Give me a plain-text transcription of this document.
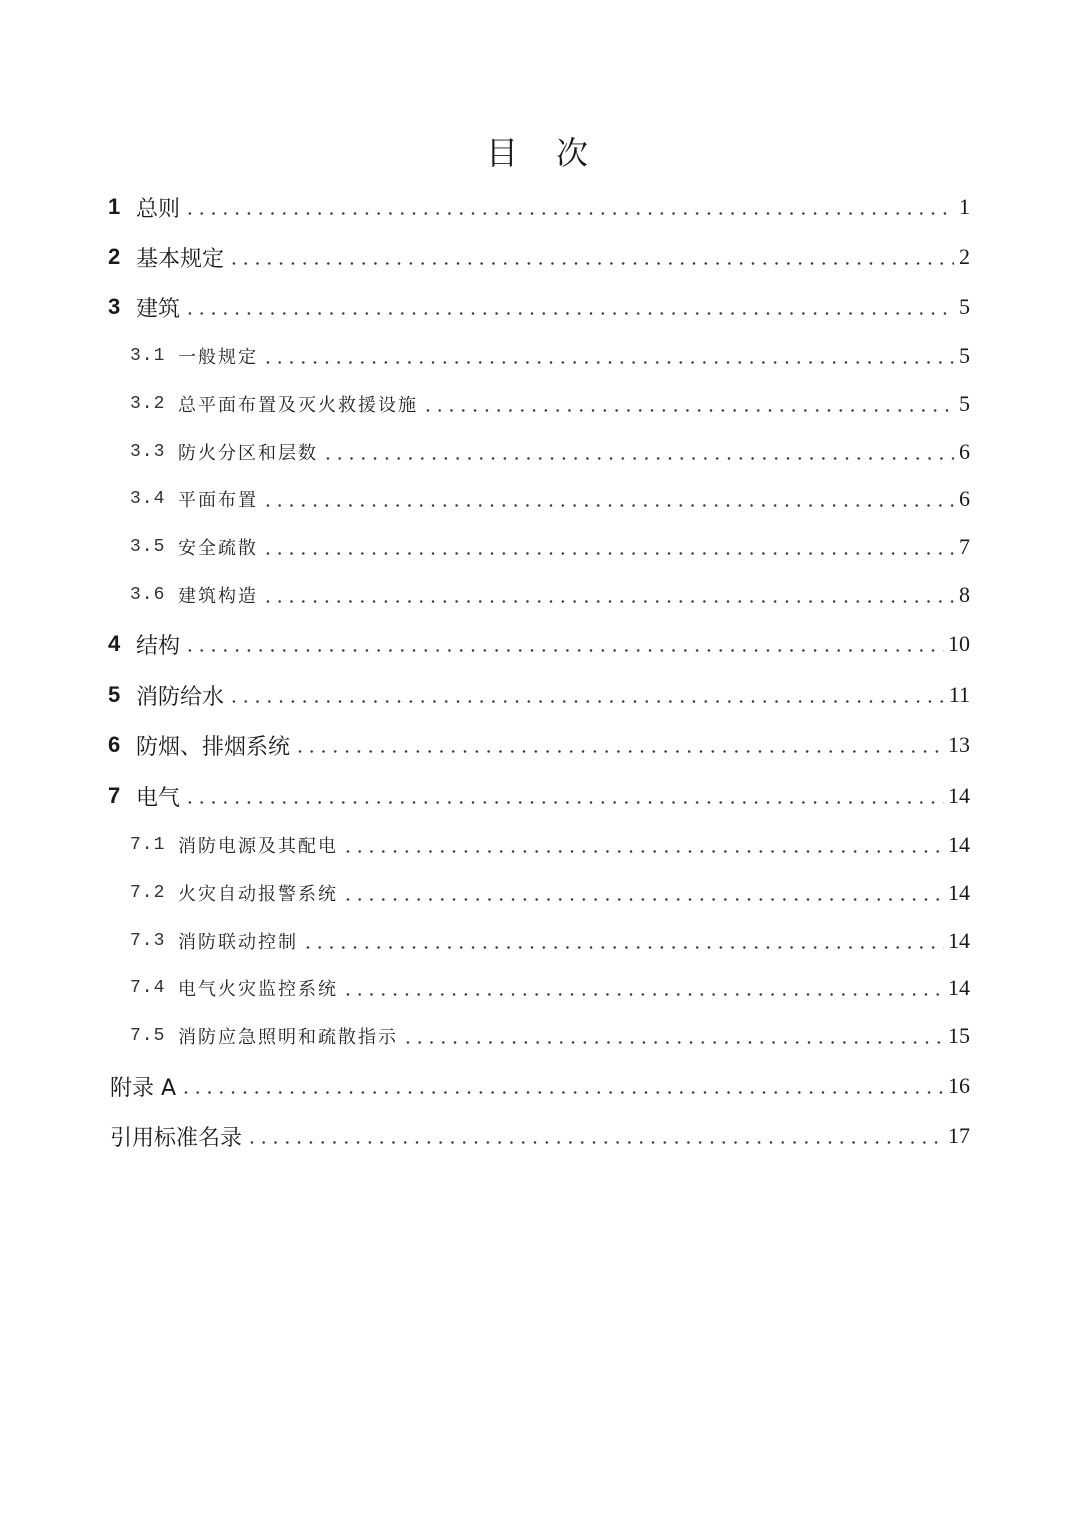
目次
1 总则	1
2 基本规定	2
3 建筑	5
3.1 一般规定	5
3.2 总平面布置及灭火救援设施	5
3.3 防火分区和层数	6
3.4 平面布置	6
3.5 安全疏散	7
3.6 建筑构造	8
4 结构	10
5 消防给水	11
6 防烟、排烟系统	13
7 电气	14
7.1 消防电源及其配电	14
7.2 火灾自动报警系统	14
7.3 消防联动控制	14
7.4 电气火灾监控系统	14
7.5 消防应急照明和疏散指示	15
附录 A	16
引用标准名录	17
